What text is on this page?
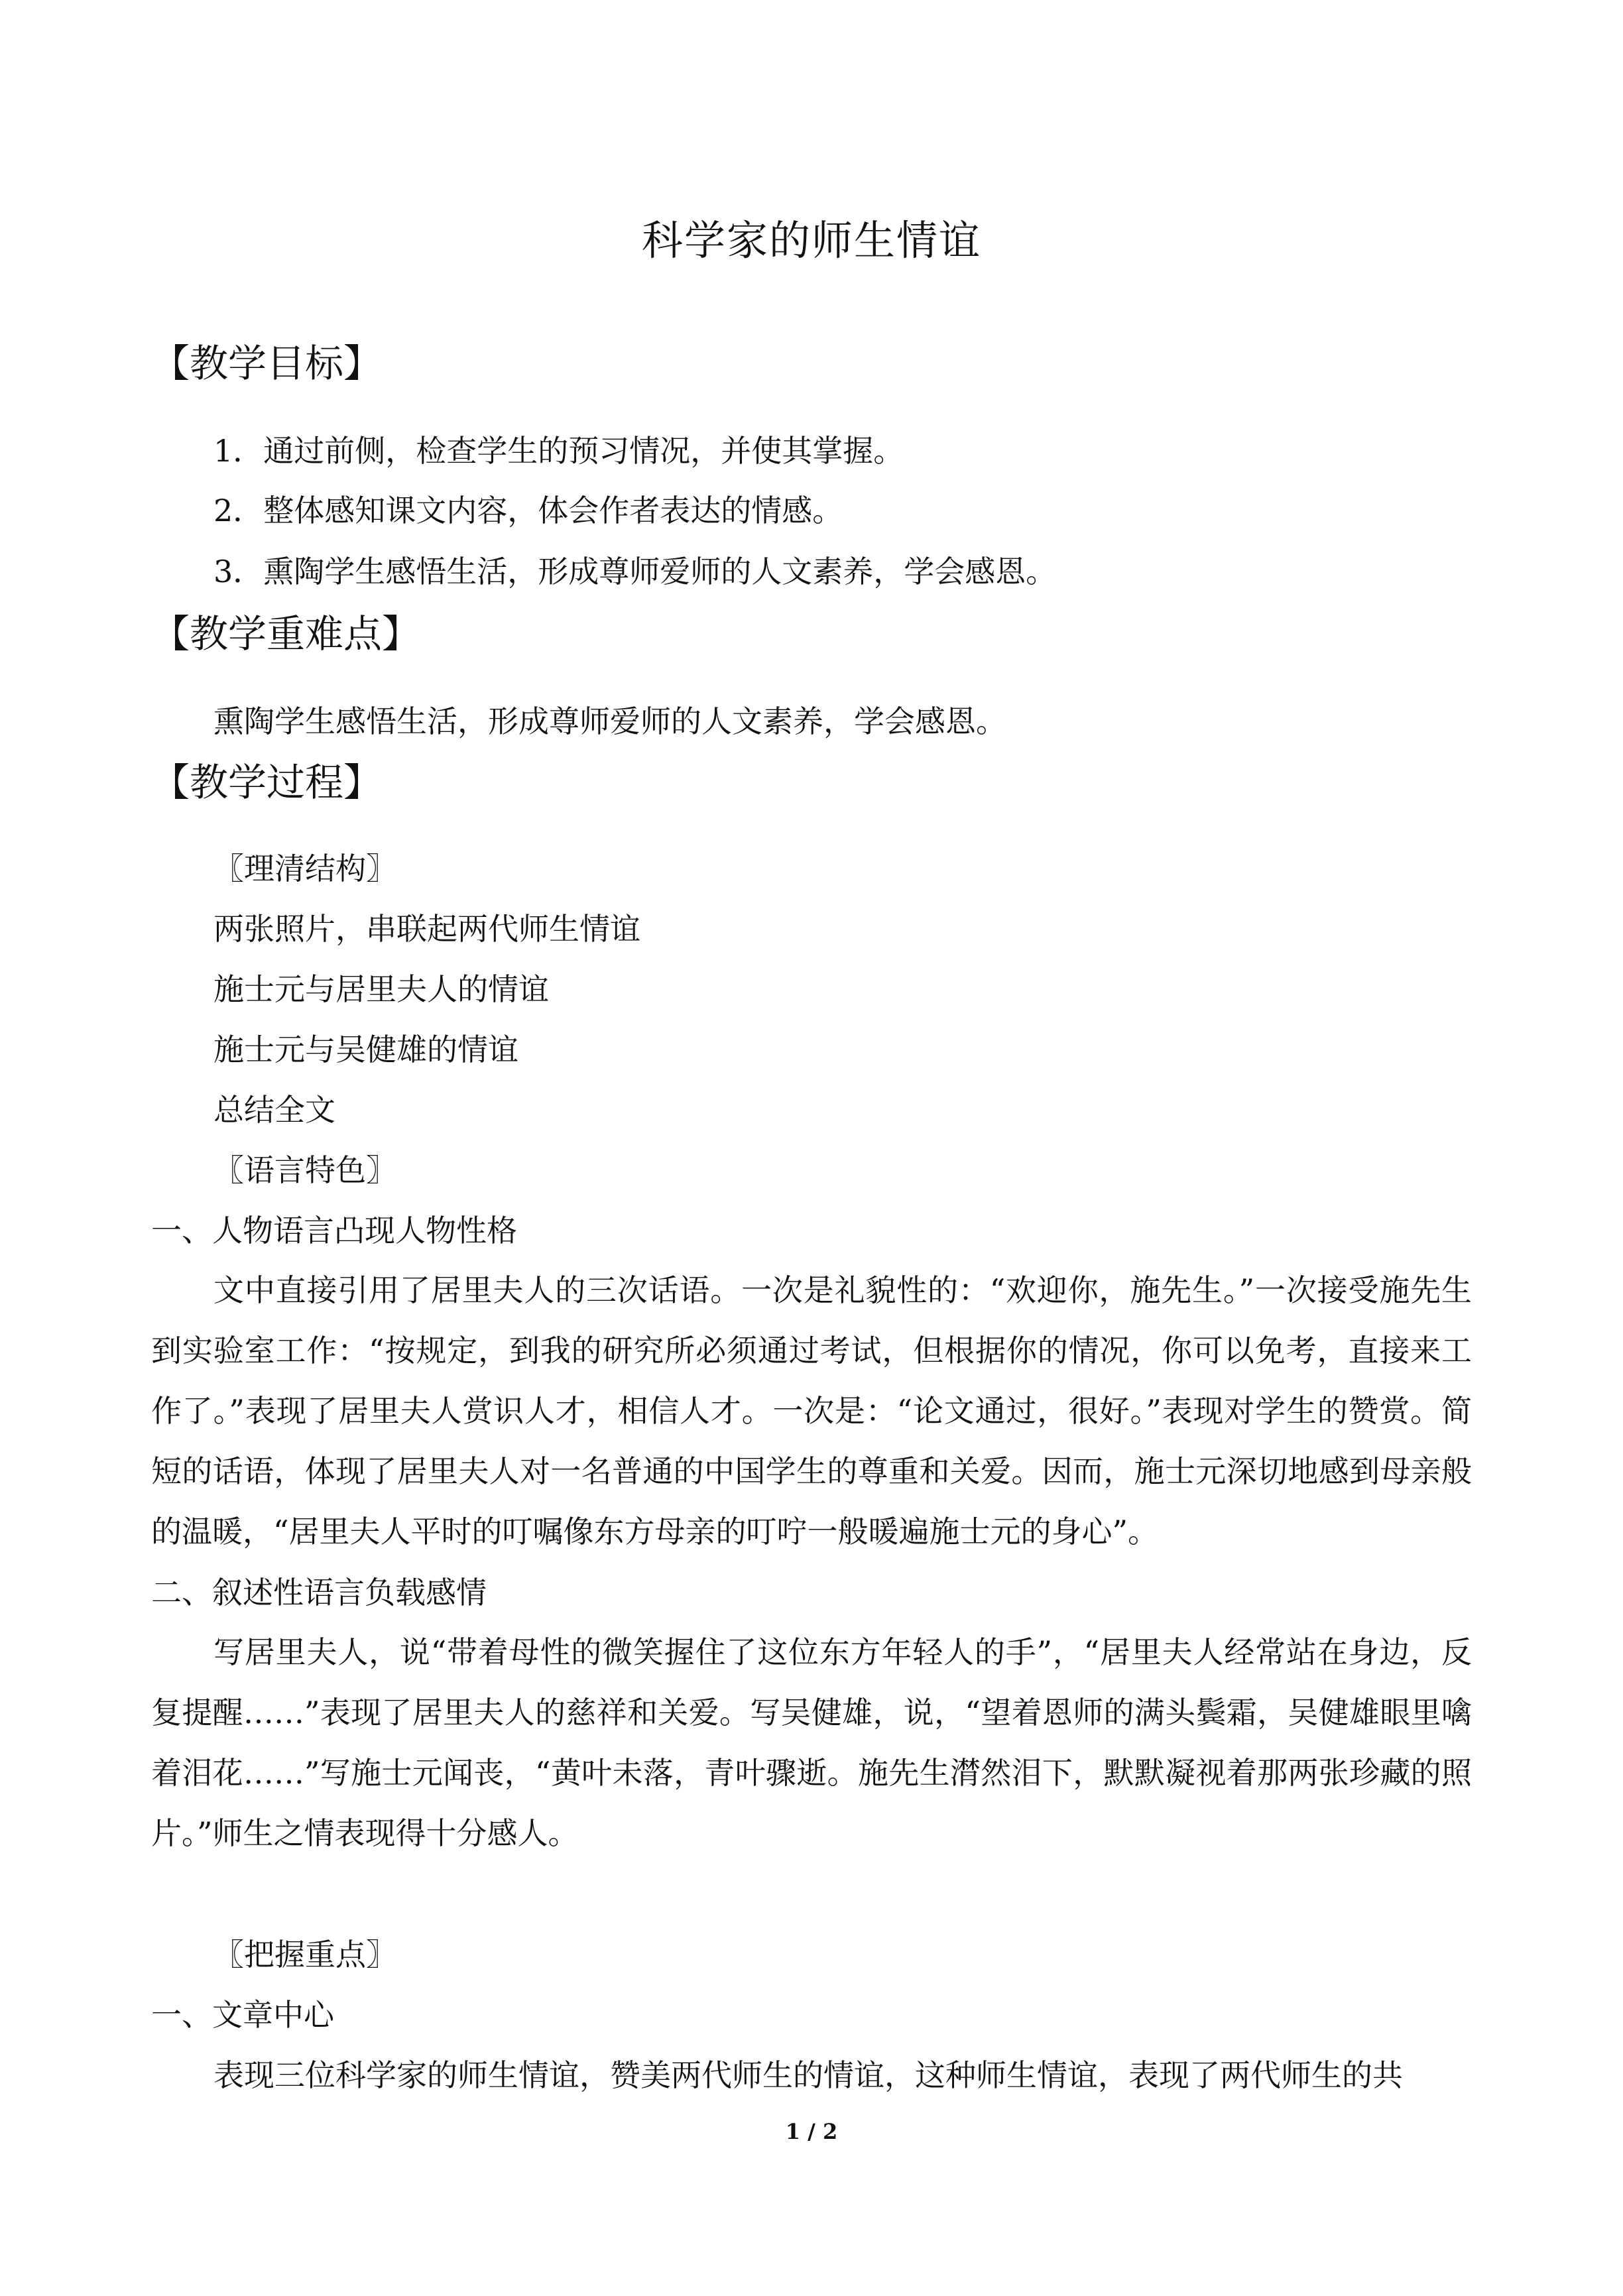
科学家的师生情谊
【教学目标】
1．通过前侧，检查学生的预习情况，并使其掌握。
2．整体感知课文内容，体会作者表达的情感。
3．熏陶学生感悟生活，形成尊师爱师的人文素养，学会感恩。
【教学重难点】
熏陶学生感悟生活，形成尊师爱师的人文素养，学会感恩。
【教学过程】
〖理清结构〗
两张照片，串联起两代师生情谊
施士元与居里夫人的情谊
施士元与吴健雄的情谊
总结全文
〖语言特色〗
一、人物语言凸现人物性格
文中直接引用了居里夫人的三次话语。一次是礼貌性的：“欢迎你，施先生。”一次接受施先生到实验室工作：“按规定，到我的研究所必须通过考试，但根据你的情况，你可以免考，直接来工作了。”表现了居里夫人赏识人才，相信人才。一次是：“论文通过，很好。”表现对学生的赞赏。简短的话语，体现了居里夫人对一名普通的中国学生的尊重和关爱。因而，施士元深切地感到母亲般的温暖，“居里夫人平时的叮嘱像东方母亲的叮咛一般暖遍施士元的身心”。
二、叙述性语言负载感情
写居里夫人，说“带着母性的微笑握住了这位东方年轻人的手”，“居里夫人经常站在身边，反复提醒……”表现了居里夫人的慈祥和关爱。写吴健雄，说，“望着恩师的满头鬓霜，吴健雄眼里噙着泪花……”写施士元闻丧，“黄叶未落，青叶骤逝。施先生潸然泪下，默默凝视着那两张珍藏的照片。”师生之情表现得十分感人。
〖把握重点〗
一、文章中心
表现三位科学家的师生情谊，赞美两代师生的情谊，这种师生情谊，表现了两代师生的共
1 / 2
